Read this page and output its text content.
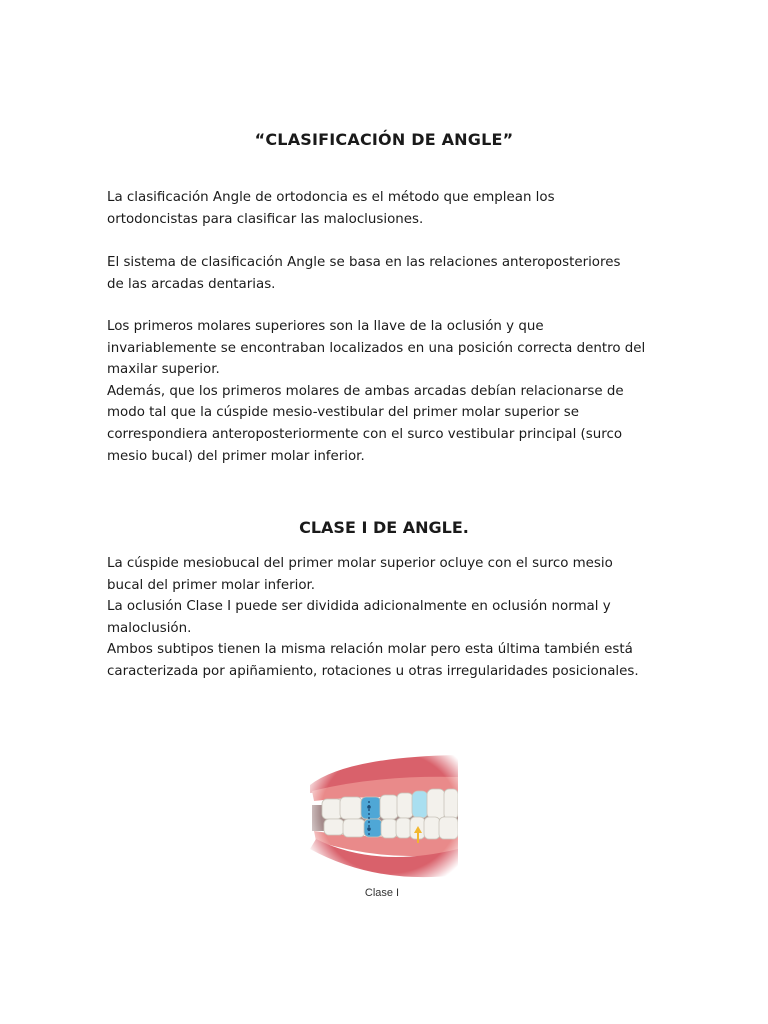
“CLASIFICACIÓN DE ANGLE”

La clasificación Angle de ortodoncia es el método que emplean los

ortodoncistas para clasificar las maloclusiones.

El sistema de clasificación Angle se basa en las relaciones anteroposteriores

de las arcadas dentarias.

Los primeros molares superiores son la llave de la oclusión y que

invariablemente se encontraban localizados en una posición correcta dentro del

maxilar superior.

Además, que los primeros molares de ambas arcadas debían relacionarse de

modo tal que la cúspide mesio-vestibular del primer molar superior se

correspondiera anteroposteriormente con el surco vestibular principal (surco

mesio bucal) del primer molar inferior.

CLASE I DE ANGLE.

La cúspide mesiobucal del primer molar superior ocluye con el surco mesio

bucal del primer molar inferior.

La oclusión Clase I puede ser dividida adicionalmente en oclusión normal y

maloclusión.

Ambos subtipos tienen la misma relación molar pero esta última también está

caracterizada por apiñamiento, rotaciones u otras irregularidades posicionales.

Clase I
